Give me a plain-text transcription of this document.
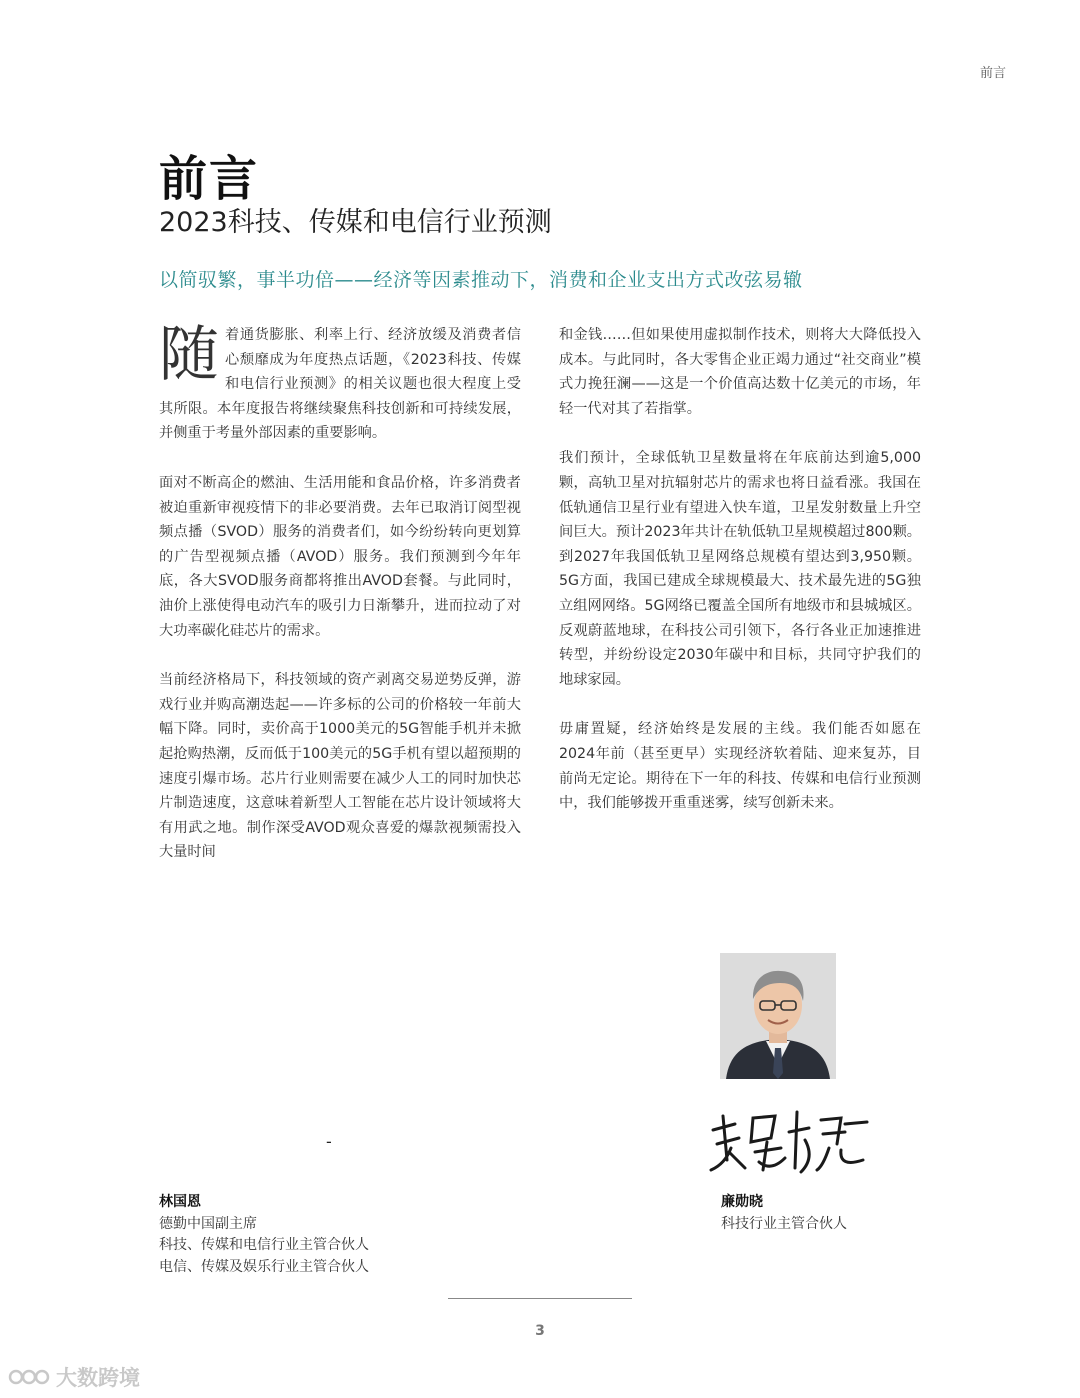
前言
前言
2023科技、传媒和电信行业预测
以简驭繁，事半功倍——经济等因素推动下，消费和企业支出方式改弦易辙

随着通货膨胀、利率上行、经济放缓及消费者信心颓靡成为年度热点话题，《2023科技、传媒和电信行业预测》的相关议题也很大程度上受其所限。本年度报告将继续聚焦科技创新和可持续发展，并侧重于考量外部因素的重要影响。

面对不断高企的燃油、生活用能和食品价格，许多消费者被迫重新审视疫情下的非必要消费。去年已取消订阅型视频点播（SVOD）服务的消费者们，如今纷纷转向更划算的广告型视频点播（AVOD）服务。我们预测到今年年底，各大SVOD服务商都将推出AVOD套餐。与此同时，油价上涨使得电动汽车的吸引力日渐攀升，进而拉动了对大功率碳化硅芯片的需求。

当前经济格局下，科技领域的资产剥离交易逆势反弹，游戏行业并购高潮迭起——许多标的公司的价格较一年前大幅下降。同时，卖价高于1000美元的5G智能手机并未掀起抢购热潮，反而低于100美元的5G手机有望以超预期的速度引爆市场。芯片行业则需要在减少人工的同时加快芯片制造速度，这意味着新型人工智能在芯片设计领域将大有用武之地。制作深受AVOD观众喜爱的爆款视频需投入大量时间

和金钱……但如果使用虚拟制作技术，则将大大降低投入成本。与此同时，各大零售企业正竭力通过“社交商业”模式力挽狂澜——这是一个价值高达数十亿美元的市场，年轻一代对其了若指掌。

我们预计，全球低轨卫星数量将在年底前达到逾5,000颗，高轨卫星对抗辐射芯片的需求也将日益看涨。我国在低轨通信卫星行业有望进入快车道，卫星发射数量上升空间巨大。预计2023年共计在轨低轨卫星规模超过800颗。到2027年我国低轨卫星网络总规模有望达到3,950颗。5G方面，我国已建成全球规模最大、技术最先进的5G独立组网网络。5G网络已覆盖全国所有地级市和县城城区。反观蔚蓝地球，在科技公司引领下，各行各业正加速推进转型，并纷纷设定2030年碳中和目标，共同守护我们的地球家园。

毋庸置疑，经济始终是发展的主线。我们能否如愿在2024年前（甚至更早）实现经济软着陆、迎来复苏，目前尚无定论。期待在下一年的科技、传媒和电信行业预测中，我们能够拨开重重迷雾，续写创新未来。

-
林国恩
德勤中国副主席
科技、传媒和电信行业主管合伙人
电信、传媒及娱乐行业主管合伙人
廉勋晓
科技行业主管合伙人
3
大数跨境
